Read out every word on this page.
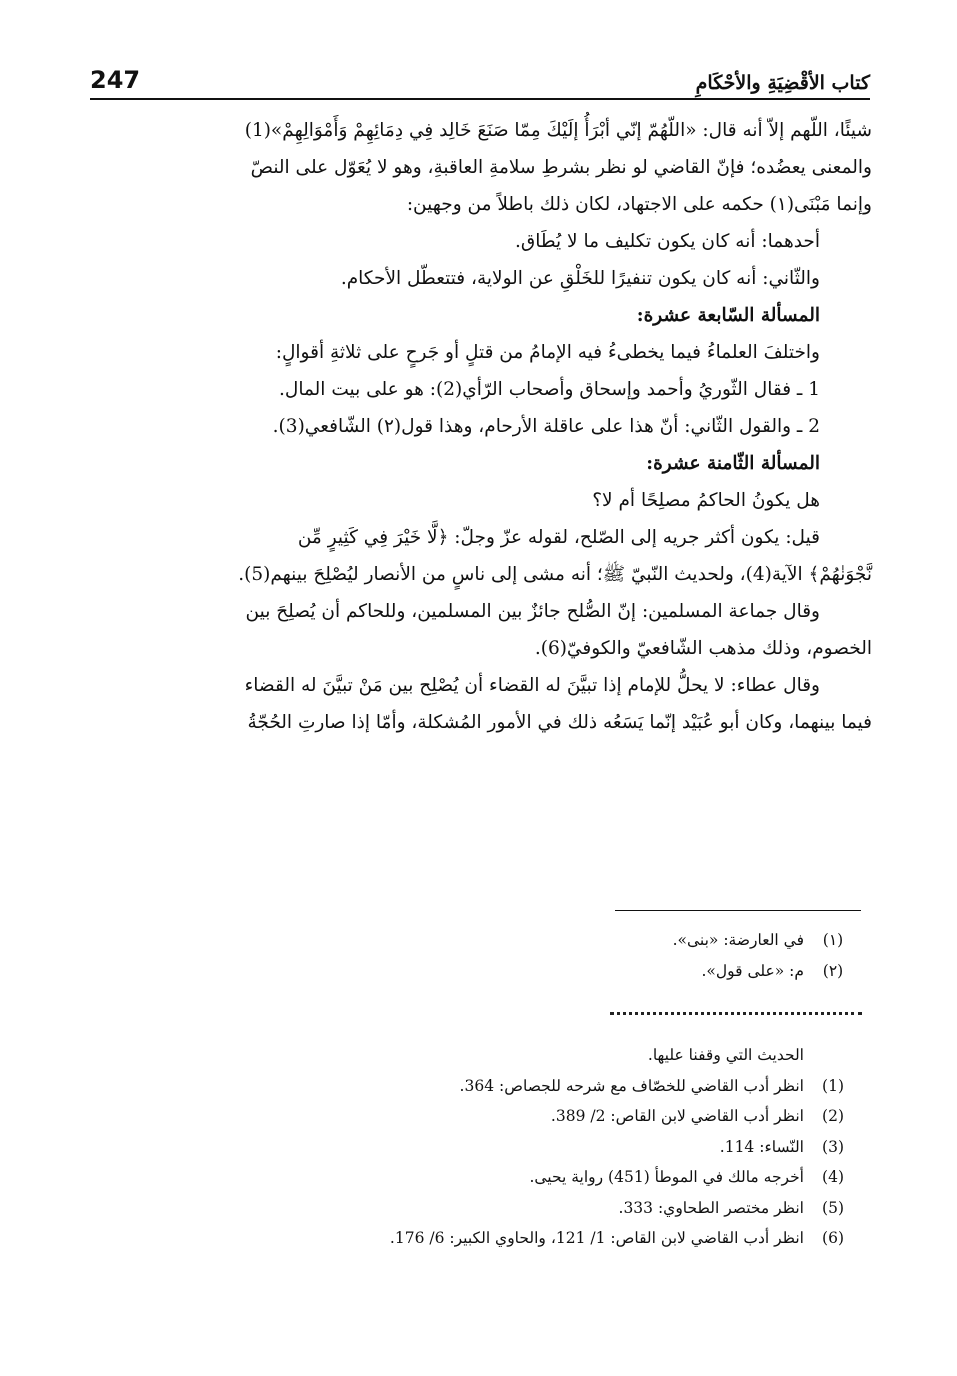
247	كتاب الأقْضِيَةِ والأحْكَامِ

شيئًا، اللّهم إلاّ أنه قال: «اللّهُمّ إنّي أبْرَأُ إلَيْكَ مِمّا صَنَعَ خَالِد فِي دِمَائِهِمْ وَأَمْوَالِهِمْ»(1)

والمعنى يعضُده؛ فإنّ القاضي لو نظر بشرطِ سلامةِ العاقبةِ، وهو لا يُعَوّل على النصّ

وإنما مَبْنَى(١) حكمه على الاجتهاد، لكان ذلك باطلاً من وجهين:

أحدهما: أنه كان يكون تكليف ما لا يُطَاق.

والثّاني: أنه كان يكون تنفيرًا للخَلْقِ عن الولاية، فتتعطّل الأحكام.

المسألة السّابعة عشرة:

واختلفَ العلماءُ فيما يخطىءُ فيه الإمامُ من قتلٍ أو جَرحٍ على ثلاثةِ أقوالٍ:

1 ـ فقال الثّوريُ وأحمد وإسحاق وأصحاب الرّأي(2): هو على بيت المال.

2 ـ والقول الثّاني: أنّ هذا على عاقلة الأرحام، وهذا قول(٢) الشّافعي(3).

المسألة الثّامنة عشرة:

هل يكونُ الحاكمُ مصلِحًا أم لا؟

قيل: يكون أكثر جريه إلى الصّلح، لقوله عزّ وجلّ: ﴿لَّا خَيْرَ فِي كَثِيرٍ مِّن

نَّجْوَنٰهُمْ﴾ الآية(4)، ولحديث النّبيّ ﷺ؛ أنه مشى إلى ناسٍ من الأنصار ليُصْلِحَ بينهم(5).

وقال جماعة المسلمين: إنّ الصُّلح جائزٌ بين المسلمين، وللحاكم أن يُصلِحَ بين

الخصوم، وذلك مذهب الشّافعيّ والكوفيّ(6).

وقال عطاء: لا يحلُّ للإمام إذا تبيَّنَ له القضاء أن يُصْلِح بين مَنْ تبيَّنَ له القضاء

فيما بينهما، وكان أبو عُبَيْد إنّما يَسَعُه ذلك في الأمور المُشكلة، وأمّا إذا صارتِ الحُجّةُ

(١)
في العارضة: «بنى».
(٢)
م: «على قول».
الحديث التي وقفنا عليها.
(1)
انظر أدب القاضي للخصّاف مع شرحه للجصاص: 364.
(2)
انظر أدب القاضي لابن القاص: 2/ 389.
(3)
النّساء: 114.
(4)
أخرجه مالك في الموطأ (451) رواية يحيى.
(5)
انظر مختصر الطحاوي: 333.
(6)
انظر أدب القاضي لابن القاص: 1/ 121، والحاوي الكبير: 6/ 176.
